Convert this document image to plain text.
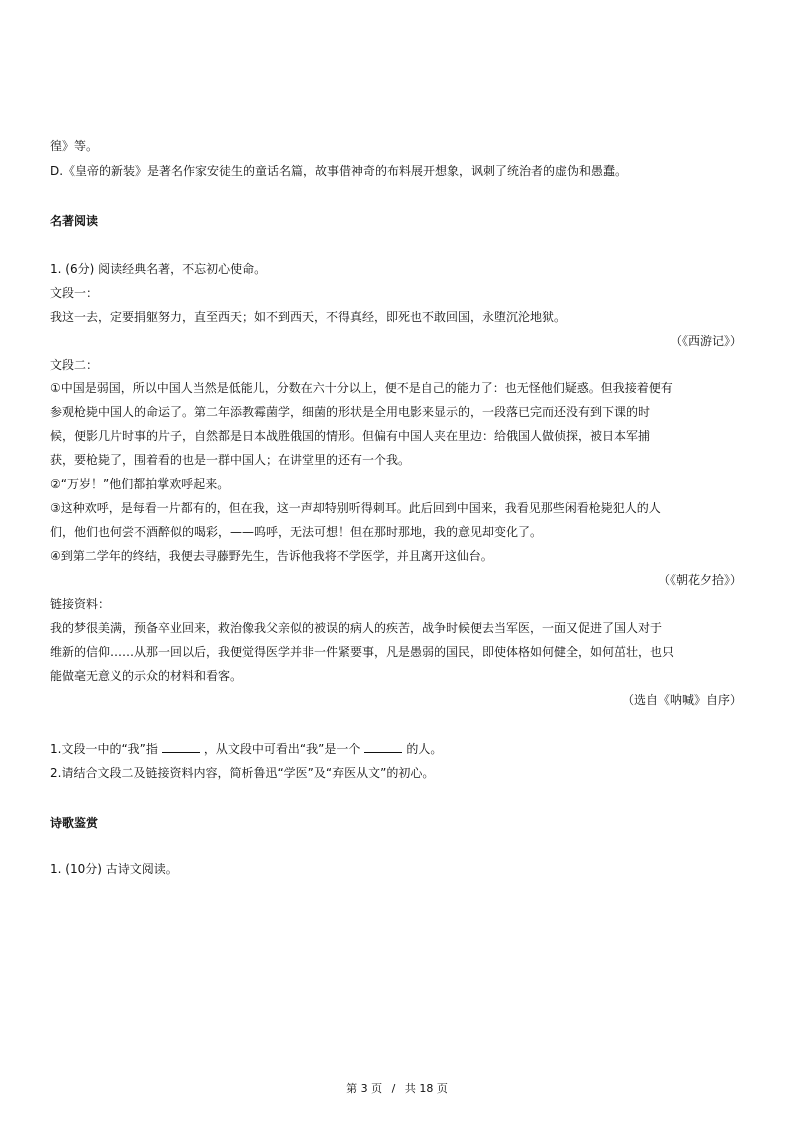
徨》等。
D.《皇帝的新装》是著名作家安徒生的童话名篇，故事借神奇的布料展开想象，讽刺了统治者的虚伪和愚蠢。
名著阅读
1. (6分) 阅读经典名著，不忘初心使命。
文段一：
我这一去，定要捐躯努力，直至西天；如不到西天，不得真经，即死也不敢回国，永堕沉沦地狱。
（《西游记》）
文段二：
①中国是弱国，所以中国人当然是低能儿，分数在六十分以上，便不是自己的能力了：也无怪他们疑惑。但我接着便有
参观枪毙中国人的命运了。第二年添教霉菌学，细菌的形状是全用电影来显示的，一段落已完而还没有到下课的时
候，便影几片时事的片子，自然都是日本战胜俄国的情形。但偏有中国人夹在里边：给俄国人做侦探，被日本军捕
获，要枪毙了，围着看的也是一群中国人；在讲堂里的还有一个我。
②“万岁！”他们都拍掌欢呼起来。
③这种欢呼，是每看一片都有的，但在我，这一声却特别听得刺耳。此后回到中国来，我看见那些闲看枪毙犯人的人
们，他们也何尝不酒醉似的喝彩，——呜呼，无法可想！但在那时那地，我的意见却变化了。
④到第二学年的终结，我便去寻藤野先生，告诉他我将不学医学，并且离开这仙台。
（《朝花夕拾》）
链接资料：
我的梦很美满，预备卒业回来，救治像我父亲似的被误的病人的疾苦，战争时候便去当军医，一面又促进了国人对于
维新的信仰……从那一回以后，我便觉得医学并非一件紧要事，凡是愚弱的国民，即使体格如何健全，如何茁壮，也只
能做毫无意义的示众的材料和看客。
（选自《呐喊》自序）
1.文段一中的“我”指	，从文段中可看出“我”是一个	的人。
2.请结合文段二及链接资料内容，简析鲁迅“学医”及“弃医从文”的初心。
诗歌鉴赏
1. (10分) 古诗文阅读。
第 3 页 / 共 18 页
